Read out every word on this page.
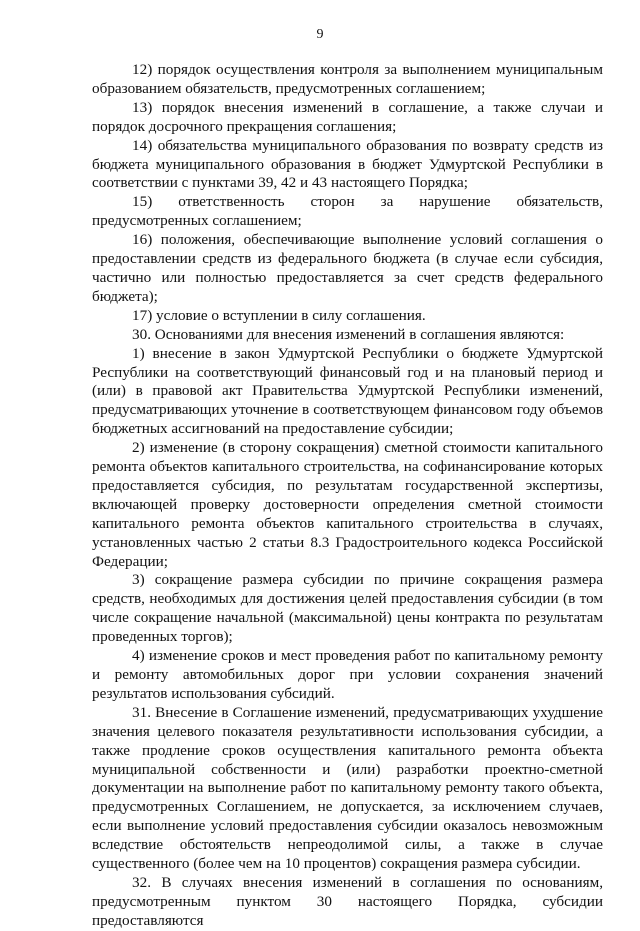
9

12) порядок осуществления контроля за выполнением муниципальным образованием обязательств, предусмотренных соглашением;

13) порядок внесения изменений в соглашение, а также случаи и порядок досрочного прекращения соглашения;

14) обязательства муниципального образования по возврату средств из бюджета муниципального образования в бюджет Удмуртской Республики в соответствии с пунктами 39, 42 и 43 настоящего Порядка;

15) ответственность сторон за нарушение обязательств, предусмотренных соглашением;

16) положения, обеспечивающие выполнение условий соглашения о предоставлении средств из федерального бюджета (в случае если субсидия, частично или полностью предоставляется за счет средств федерального бюджета);

17) условие о вступлении в силу соглашения.

30. Основаниями для внесения изменений в соглашения являются:

1) внесение в закон Удмуртской Республики о бюджете Удмуртской Республики на соответствующий финансовый год и на плановый период и (или) в правовой акт Правительства Удмуртской Республики изменений, предусматривающих уточнение в соответствующем финансовом году объемов бюджетных ассигнований на предоставление субсидии;

2) изменение (в сторону сокращения) сметной стоимости капитального ремонта объектов капитального строительства, на софинансирование которых предоставляется субсидия, по результатам государственной экспертизы, включающей проверку достоверности определения сметной стоимости капитального ремонта объектов капитального строительства в случаях, установленных частью 2 статьи 8.3 Градостроительного кодекса Российской Федерации;

3) сокращение размера субсидии по причине сокращения размера средств, необходимых для достижения целей предоставления субсидии (в том числе сокращение начальной (максимальной) цены контракта по результатам проведенных торгов);

4) изменение сроков и мест проведения работ по капитальному ремонту и ремонту автомобильных дорог при условии сохранения значений результатов использования субсидий.

31. Внесение в Соглашение изменений, предусматривающих ухудшение значения целевого показателя результативности использования субсидии, а также продление сроков осуществления капитального ремонта объекта муниципальной собственности и (или) разработки проектно-сметной документации на выполнение работ по капитальному ремонту такого объекта, предусмотренных Соглашением, не допускается, за исключением случаев, если выполнение условий предоставления субсидии оказалось невозможным вследствие обстоятельств непреодолимой силы, а также в случае существенного (более чем на 10 процентов) сокращения размера субсидии.

32. В случаях внесения изменений в соглашения по основаниям, предусмотренным пунктом 30 настоящего Порядка, субсидии предоставляются
